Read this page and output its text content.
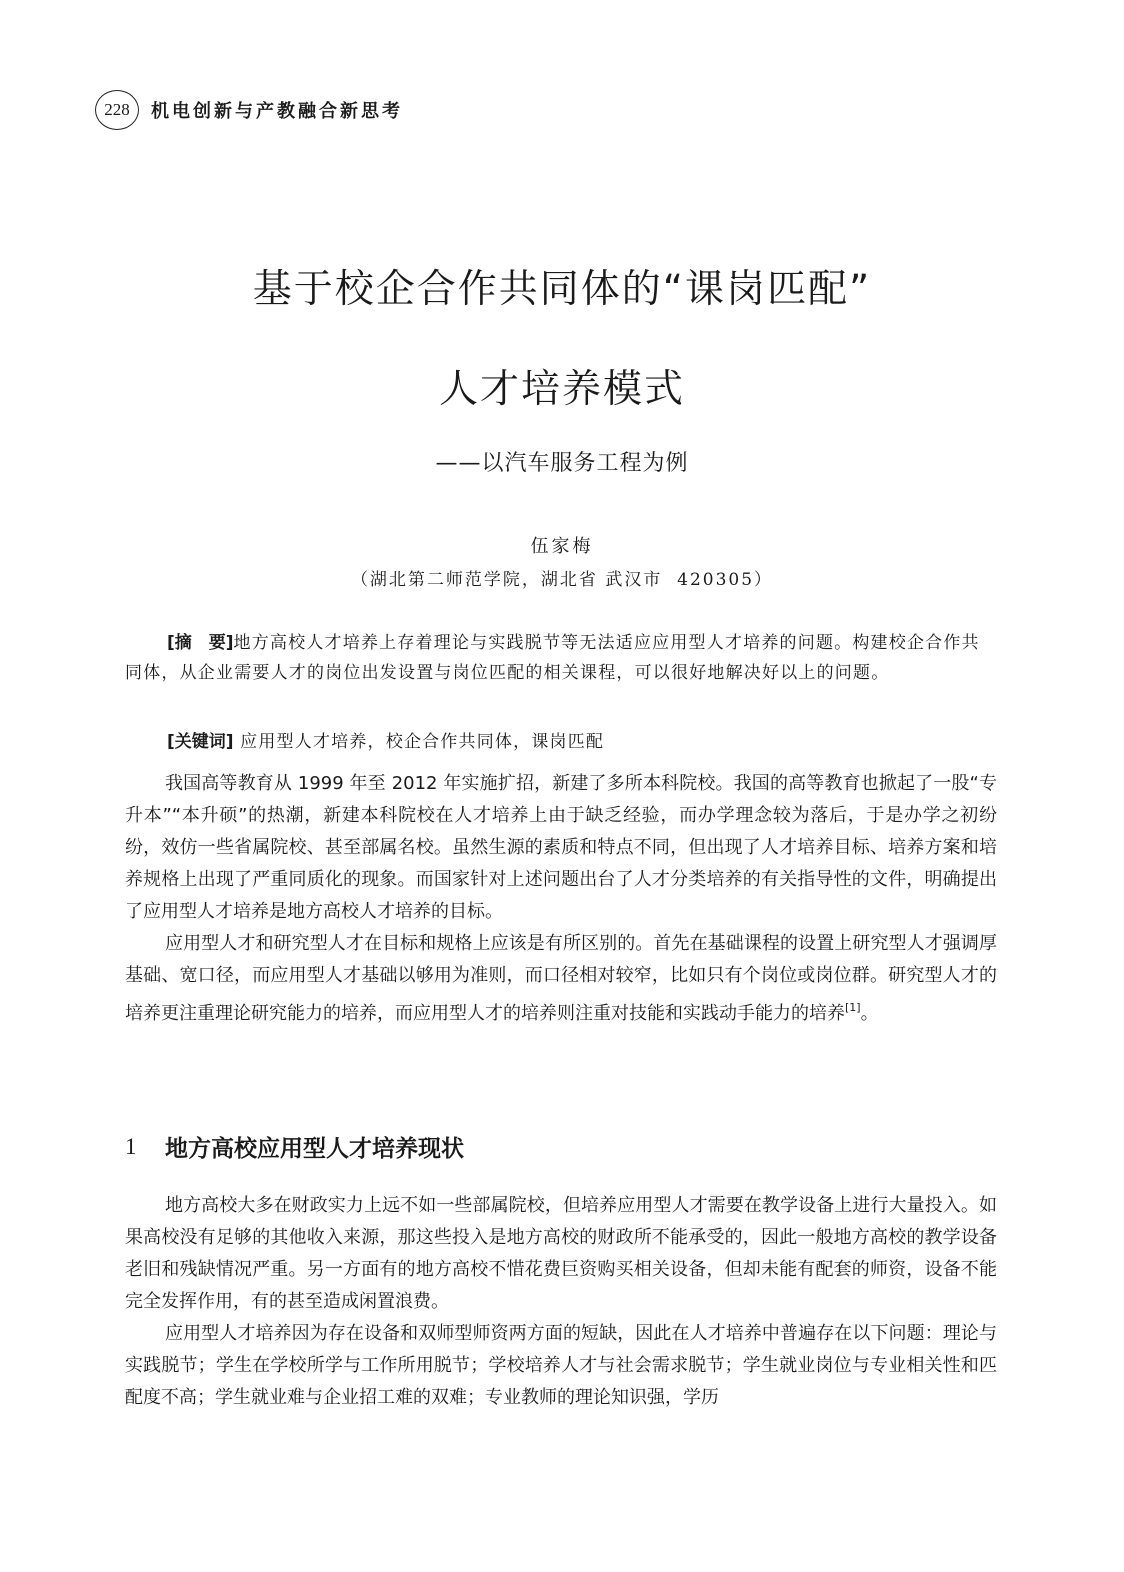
228 机电创新与产教融合新思考
基于校企合作共同体的“课岗匹配”
人才培养模式
——以汽车服务工程为例
伍家梅
（湖北第二师范学院，湖北省 武汉市  420305）
[摘　要]地方高校人才培养上存着理论与实践脱节等无法适应应用型人才培养的问题。构建校企合作共同体，从企业需要人才的岗位出发设置与岗位匹配的相关课程，可以很好地解决好以上的问题。
[关键词] 应用型人才培养，校企合作共同体，课岗匹配

我国高等教育从 1999 年至 2012 年实施扩招，新建了多所本科院校。我国的高等教育也掀起了一股“专升本”“本升硕”的热潮，新建本科院校在人才培养上由于缺乏经验，而办学理念较为落后，于是办学之初纷纷，效仿一些省属院校、甚至部属名校。虽然生源的素质和特点不同，但出现了人才培养目标、培养方案和培养规格上出现了严重同质化的现象。而国家针对上述问题出台了人才分类培养的有关指导性的文件，明确提出了应用型人才培养是地方高校人才培养的目标。

应用型人才和研究型人才在目标和规格上应该是有所区别的。首先在基础课程的设置上研究型人才强调厚基础、宽口径，而应用型人才基础以够用为准则，而口径相对较窄，比如只有个岗位或岗位群。研究型人才的培养更注重理论研究能力的培养，而应用型人才的培养则注重对技能和实践动手能力的培养[1]。

1	地方高校应用型人才培养现状

地方高校大多在财政实力上远不如一些部属院校，但培养应用型人才需要在教学设备上进行大量投入。如果高校没有足够的其他收入来源，那这些投入是地方高校的财政所不能承受的，因此一般地方高校的教学设备老旧和残缺情况严重。另一方面有的地方高校不惜花费巨资购买相关设备，但却未能有配套的师资，设备不能完全发挥作用，有的甚至造成闲置浪费。

应用型人才培养因为存在设备和双师型师资两方面的短缺，因此在人才培养中普遍存在以下问题：理论与实践脱节；学生在学校所学与工作所用脱节；学校培养人才与社会需求脱节；学生就业岗位与专业相关性和匹配度不高；学生就业难与企业招工难的双难；专业教师的理论知识强，学历
